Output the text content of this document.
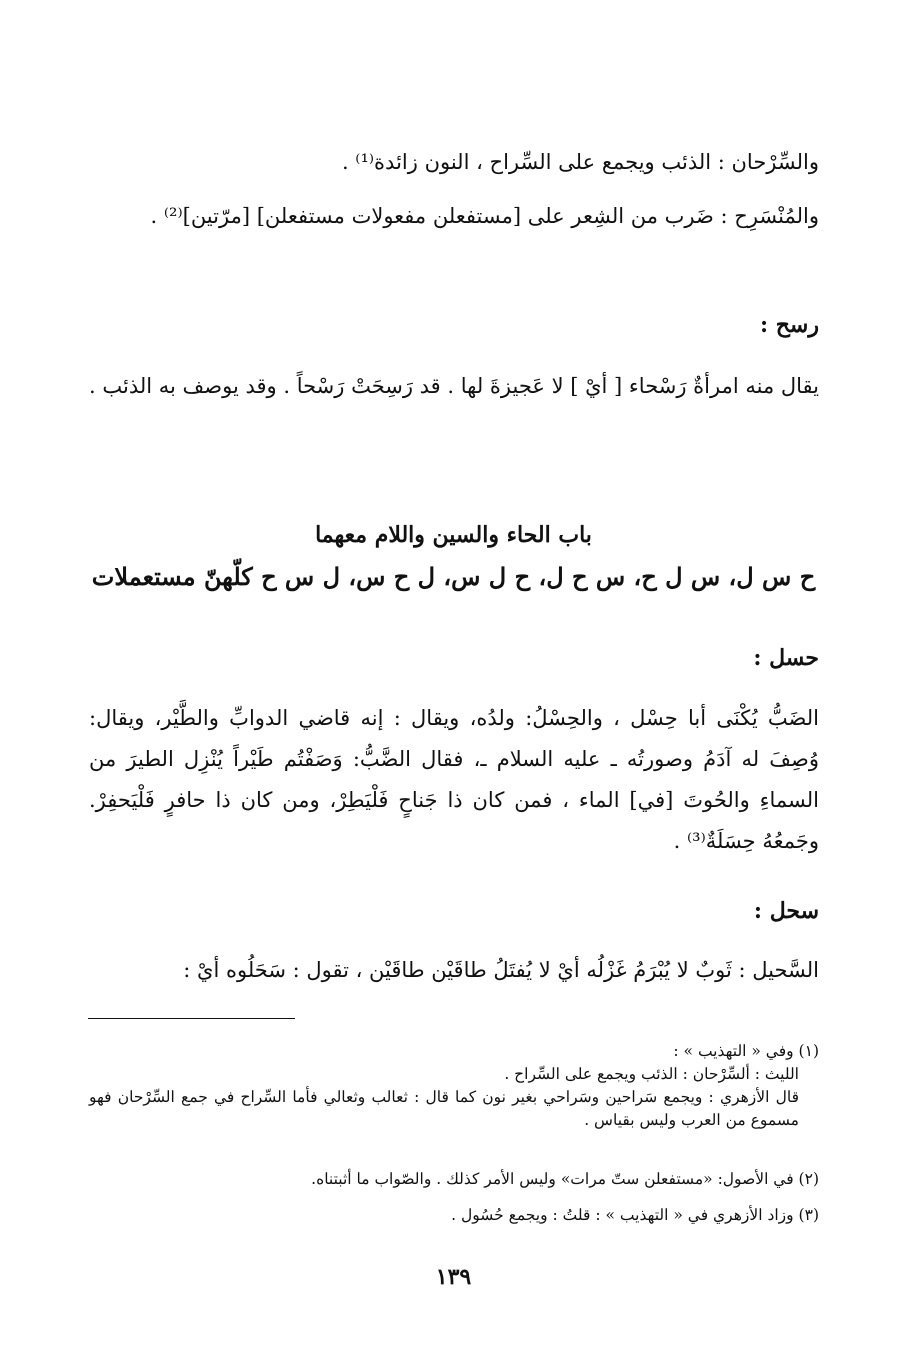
والسِّرْحان : الذئب ويجمع على السِّراح ، النون زائدة⁽¹⁾ .
والمُنْسَرِح : ضَرب من الشِعر على [مستفعلن مفعولات مستفعلن] [مرّتين]⁽²⁾ .
رسح :
يقال منه امرأةٌ رَسْحاء [ أيْ ] لا عَجيزةَ لها . قد رَسِحَتْ رَسْحاً . وقد يوصف به الذئب .
باب الحاء والسين واللام معهما
ح س ل، س ل ح، س ح ل، ح ل س، ل ح س، ل س ح كلّهنّ مستعملات
حسل :
الضَبُّ يُكْنَى أبا حِسْل ، والحِسْلُ: ولدُه، ويقال : إنه قاضي الدوابِّ والطَّيْر، ويقال: وُصِفَ له آدَمُ وصورتُه ـ عليه السلام ـ، فقال الضَّبُّ: وَصَفْتُم طَيْراً يُنْزِل الطيرَ من السماءِ والحُوتَ [في] الماء ، فمن كان ذا جَناحٍ فَلْيَطِرْ، ومن كان ذا حافرٍ فَلْيَحفِرْ. وجَمعُهُ حِسَلَةٌ⁽³⁾ .
سحل :
السَّحيل : ثَوبٌ لا يُبْرَمُ غَزْلُه أيْ لا يُفتَلُ طاقَيْن طاقَيْن ، تقول : سَحَلُوه أيْ :
(١) وفي « التهذيب » :
الليث : ألسِّرْحان : الذئب ويجمع على السِّراح .
قال الأزهري : ويجمع سَراحين وسَراحي بغير نون كما قال : ثعالب وثعالي فأما السِّراح في جمع السِّرْحان فهو مسموع من العرب وليس بقياس .
(٢) في الأصول: «مستفعلن ستّ مرات» وليس الأمر كذلك . والصّواب ما أثبتناه.
(٣) وزاد الأزهري في « التهذيب » : قلتُ : ويجمع حُسُول .
١٣٩
